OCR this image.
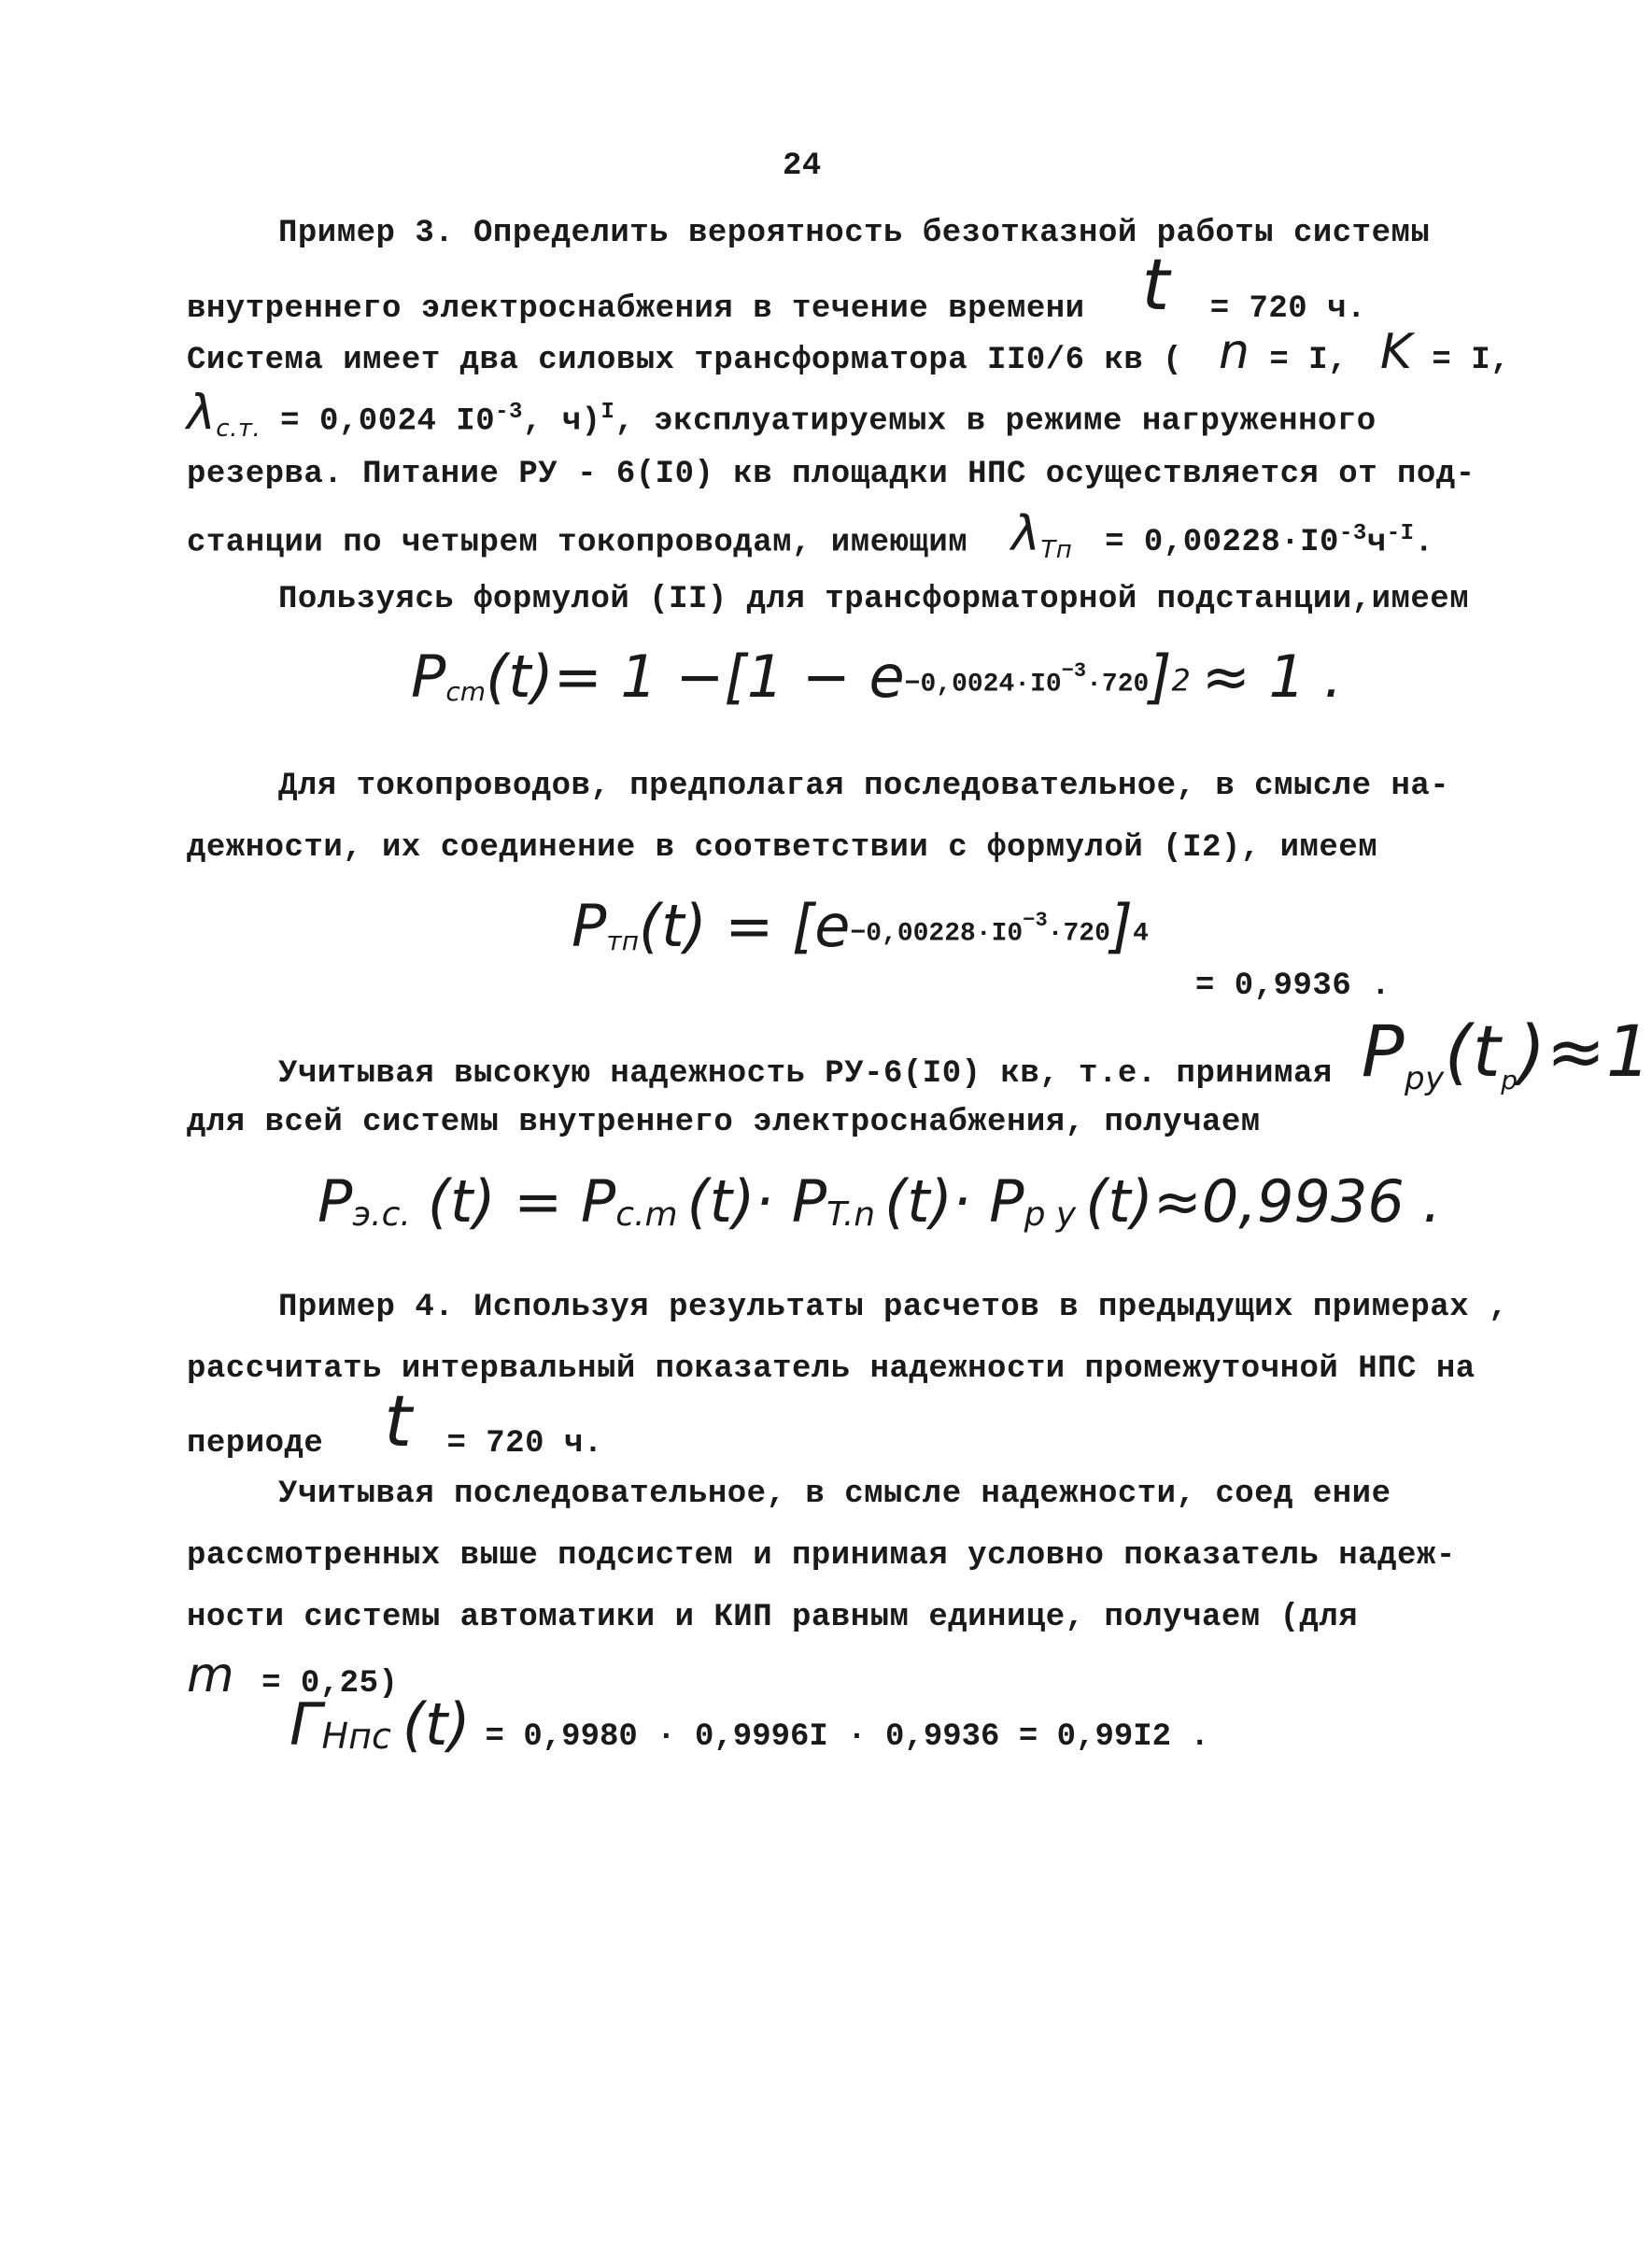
24
Пример 3. Определить вероятность безотказной работы системы
внутреннего электроснабжения в течение времени t = 720 ч.
Система имеет два силовых трансформатора ІІ0/6 кв ( n = I, K = I,
$\lambda_{с.т.} = 0,0024$ $І0^{-3}$, ч)$^I$, эксплуатируемых в режиме нагруженного
резерва. Питание РУ - 6(І0) кв площадки НПС осуществляется от под-
станции по четырем токопроводам, имеющим $\lambda_{Тп} = 0,00228\cdot І0^{-3}ч^{-I}$.
Пользуясь формулой (ІІ) для трансформаторной подстанции,имеем
$P_{cm}(t)= 1 -[1 - e^{-0,0024\cdot І0-3\cdot 720}]^2 \approx 1$ .
Для токопроводов, предполагая последовательное, в смысле на-
дежности, их соединение в соответствии с формулой (І2), имеем
$P_{тп}(t) = [e^{-0,00228\cdot І0-3\cdot 720}]^4$
= 0,9936 .
Учитывая высокую надежность РУ-6(І0) кв, т.е. принимая $P_{ру}(t_р)\approx 1$
для всей системы внутреннего электроснабжения, получаем
$P_{э.с.}$ $(t) = P_{c.m}$ $(t)\cdot P_{T.n}$ $(t)\cdot P_{p y}$ (t)≈0,9936 .
Пример 4. Используя результаты расчетов в предыдущих примерах ,
рассчитать интервальный показатель надежности промежуточной НПС на
периоде t = 720 ч.
Учитывая последовательное, в смысле надежности, соед ение
рассмотренных выше подсистем и принимая условно показатель надеж-
ности системы автоматики и КИП равным единице, получаем (для
m = 0,25)
$\Gamma_{Нпс}$ (t) = 0,9980 · 0,9996І · 0,9936 = 0,99І2 .
